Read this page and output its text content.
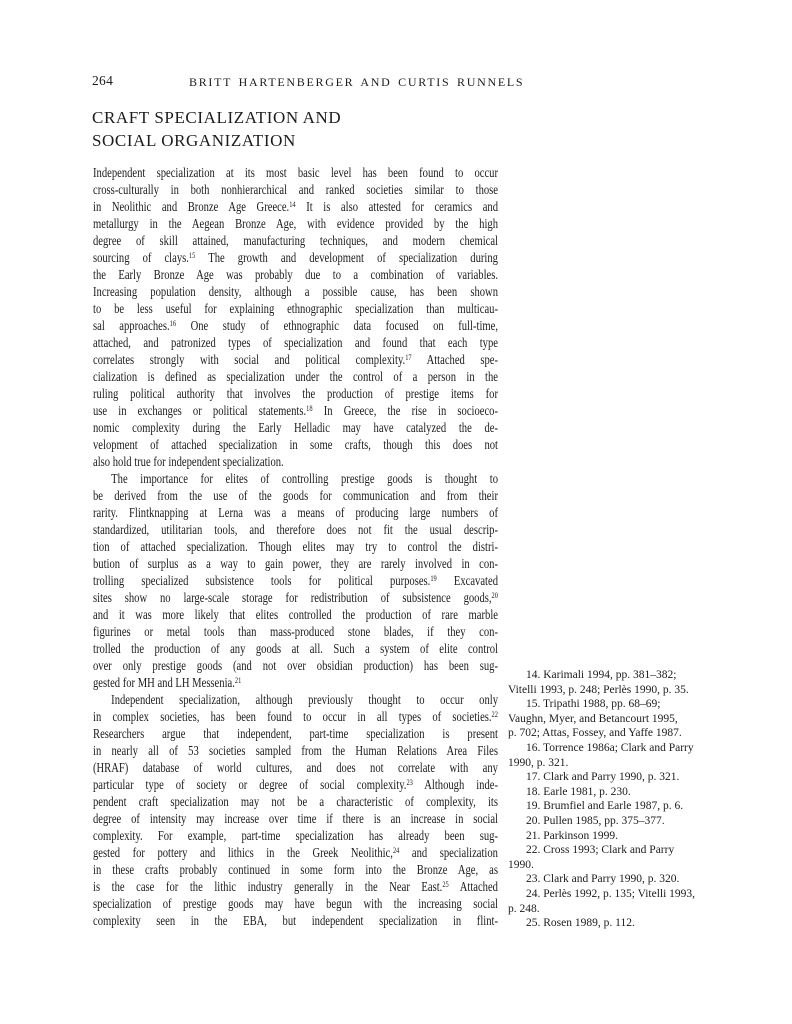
264	BRITT HARTENBERGER AND CURTIS RUNNELS
CRAFT SPECIALIZATION AND
SOCIAL ORGANIZATION
Independent specialization at its most basic level has been found to occur
cross-culturally in both nonhierarchical and ranked societies similar to those
in Neolithic and Bronze Age Greece.$^{14}$ It is also attested for ceramics and
metallurgy in the Aegean Bronze Age, with evidence provided by the high
degree of skill attained, manufacturing techniques, and modern chemical
sourcing of clays.$^{15}$ The growth and development of specialization during
the Early Bronze Age was probably due to a combination of variables.
Increasing population density, although a possible cause, has been shown
to be less useful for explaining ethnographic specialization than multicau-
sal approaches.$^{16}$ One study of ethnographic data focused on full-time,
attached, and patronized types of specialization and found that each type
correlates strongly with social and political complexity.$^{17}$ Attached spe-
cialization is defined as specialization under the control of a person in the
ruling political authority that involves the production of prestige items for
use in exchanges or political statements.$^{18}$ In Greece, the rise in socioeco-
nomic complexity during the Early Helladic may have catalyzed the de-
velopment of attached specialization in some crafts, though this does not
also hold true for independent specialization.
The importance for elites of controlling prestige goods is thought to
be derived from the use of the goods for communication and from their
rarity. Flintknapping at Lerna was a means of producing large numbers of
standardized, utilitarian tools, and therefore does not fit the usual descrip-
tion of attached specialization. Though elites may try to control the distri-
bution of surplus as a way to gain power, they are rarely involved in con-
trolling specialized subsistence tools for political purposes.$^{19}$ Excavated
sites show no large-scale storage for redistribution of subsistence goods,$^{20}$
and it was more likely that elites controlled the production of rare marble
figurines or metal tools than mass-produced stone blades, if they con-
trolled the production of any goods at all. Such a system of elite control
over only prestige goods (and not over obsidian production) has been sug-
gested for MH and LH Messenia.$^{21}$
Independent specialization, although previously thought to occur only
in complex societies, has been found to occur in all types of societies.$^{22}$
Researchers argue that independent, part-time specialization is present
in nearly all of 53 societies sampled from the Human Relations Area Files
(HRAF) database of world cultures, and does not correlate with any
particular type of society or degree of social complexity.$^{23}$ Although inde-
pendent craft specialization may not be a characteristic of complexity, its
degree of intensity may increase over time if there is an increase in social
complexity. For example, part-time specialization has already been sug-
gested for pottery and lithics in the Greek Neolithic,$^{24}$ and specialization
in these crafts probably continued in some form into the Bronze Age, as
is the case for the lithic industry generally in the Near East.$^{25}$ Attached
specialization of prestige goods may have begun with the increasing social
complexity seen in the EBA, but independent specialization in flint-
14. Karimali 1994, pp. 381–382;
Vitelli 1993, p. 248; Perlès 1990, p. 35.
15. Tripathi 1988, pp. 68–69;
Vaughn, Myer, and Betancourt 1995,
p. 702; Attas, Fossey, and Yaffe 1987.
16. Torrence 1986a; Clark and Parry
1990, p. 321.
17. Clark and Parry 1990, p. 321.
18. Earle 1981, p. 230.
19. Brumfiel and Earle 1987, p. 6.
20. Pullen 1985, pp. 375–377.
21. Parkinson 1999.
22. Cross 1993; Clark and Parry
1990.
23. Clark and Parry 1990, p. 320.
24. Perlès 1992, p. 135; Vitelli 1993,
p. 248.
25. Rosen 1989, p. 112.
